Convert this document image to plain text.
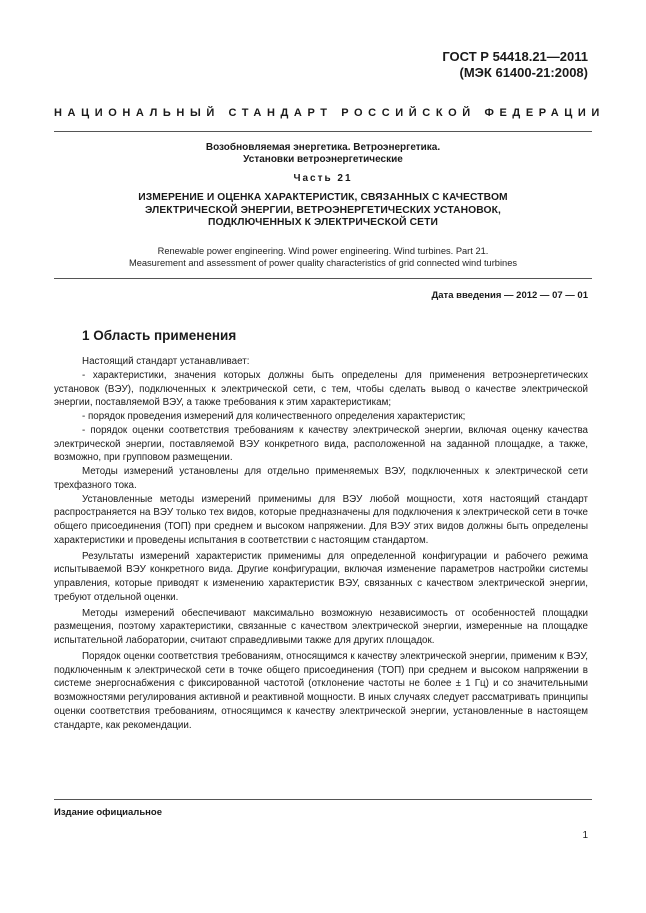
ГОСТ Р 54418.21—2011
(МЭК 61400-21:2008)
НАЦИОНАЛЬНЫЙ СТАНДАРТ РОССИЙСКОЙ ФЕДЕРАЦИИ
Возобновляемая энергетика. Ветроэнергетика.
Установки ветроэнергетические
Часть 21
ИЗМЕРЕНИЕ И ОЦЕНКА ХАРАКТЕРИСТИК, СВЯЗАННЫХ С КАЧЕСТВОМ
ЭЛЕКТРИЧЕСКОЙ ЭНЕРГИИ, ВЕТРОЭНЕРГЕТИЧЕСКИХ УСТАНОВОК,
ПОДКЛЮЧЕННЫХ К ЭЛЕКТРИЧЕСКОЙ СЕТИ
Renewable power engineering. Wind power engineering. Wind turbines. Part 21.
Measurement and assessment of power quality characteristics of grid connected wind turbines
Дата введения — 2012 — 07 — 01
1 Область применения

Настоящий стандарт устанавливает:

- характеристики, значения которых должны быть определены для применения ветроэнергетических установок (ВЭУ), подключенных к электрической сети, с тем, чтобы сделать вывод о качестве электрической энергии, поставляемой ВЭУ, а также требования к этим характеристикам;

- порядок проведения измерений для количественного определения характеристик;

- порядок оценки соответствия требованиям к качеству электрической энергии, включая оценку качества электрической энергии, поставляемой ВЭУ конкретного вида, расположенной на заданной площадке, а также, возможно, при групповом размещении.

Методы измерений установлены для отдельно применяемых ВЭУ, подключенных к электрической сети трехфазного тока.

Установленные методы измерений применимы для ВЭУ любой мощности, хотя настоящий стандарт распространяется на ВЭУ только тех видов, которые предназначены для подключения к электрической сети в точке общего присоединения (ТОП) при среднем и высоком напряжении. Для ВЭУ этих видов должны быть определены характеристики и проведены испытания в соответствии с настоящим стандартом.

Результаты измерений характеристик применимы для определенной конфигурации и рабочего режима испытываемой ВЭУ конкретного вида. Другие конфигурации, включая изменение параметров настройки системы управления, которые приводят к изменению характеристик ВЭУ, связанных с качеством электрической энергии, требуют отдельной оценки.

Методы измерений обеспечивают максимально возможную независимость от особенностей площадки размещения, поэтому характеристики, связанные с качеством электрической энергии, измеренные на площадке испытательной лаборатории, считают справедливыми также для других площадок.

Порядок оценки соответствия требованиям, относящимся к качеству электрической энергии, применим к ВЭУ, подключенным к электрической сети в точке общего присоединения (ТОП) при среднем и высоком напряжении в системе энергоснабжения с фиксированной частотой (отклонение частоты не более ± 1 Гц) и со значительными возможностями регулирования активной и реактивной мощности. В иных случаях следует рассматривать принципы оценки соответствия требованиям, относящимся к качеству электрической энергии, установленные в настоящем стандарте, как рекомендации.

Издание официальное
1
